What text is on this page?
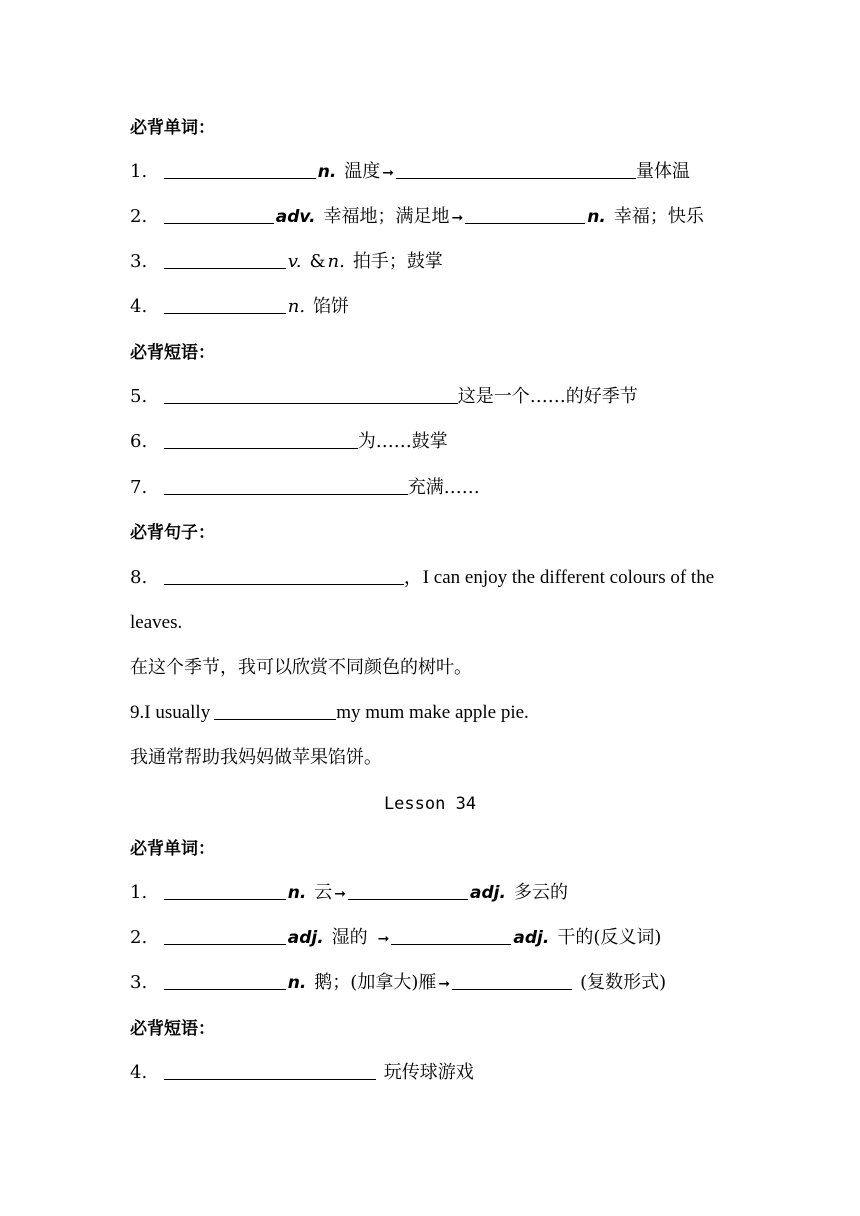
必背单词：
1.	n. 温度 ➞	量体温
2.	adv. 幸福地；满足地 ➞	n. 幸福；快乐
3.	v. & n. 拍手；鼓掌
4.	n. 馅饼
必背短语：
5.	这是一个……的好季节
6.	为……鼓掌
7.	充满……
必背句子：
8.	，I can enjoy the different colours of the
leaves.
在这个季节，我可以欣赏不同颜色的树叶。
9.I usually	my mum make apple pie.
我通常帮助我妈妈做苹果馅饼。
Lesson 34
必背单词：
1.	n. 云 ➞	adj. 多云的
2.	adj. 湿的 ➞	adj. 干的(反义词)
3.	n. 鹅；(加拿大)雁 ➞	(复数形式)
必背短语：
4.	玩传球游戏
